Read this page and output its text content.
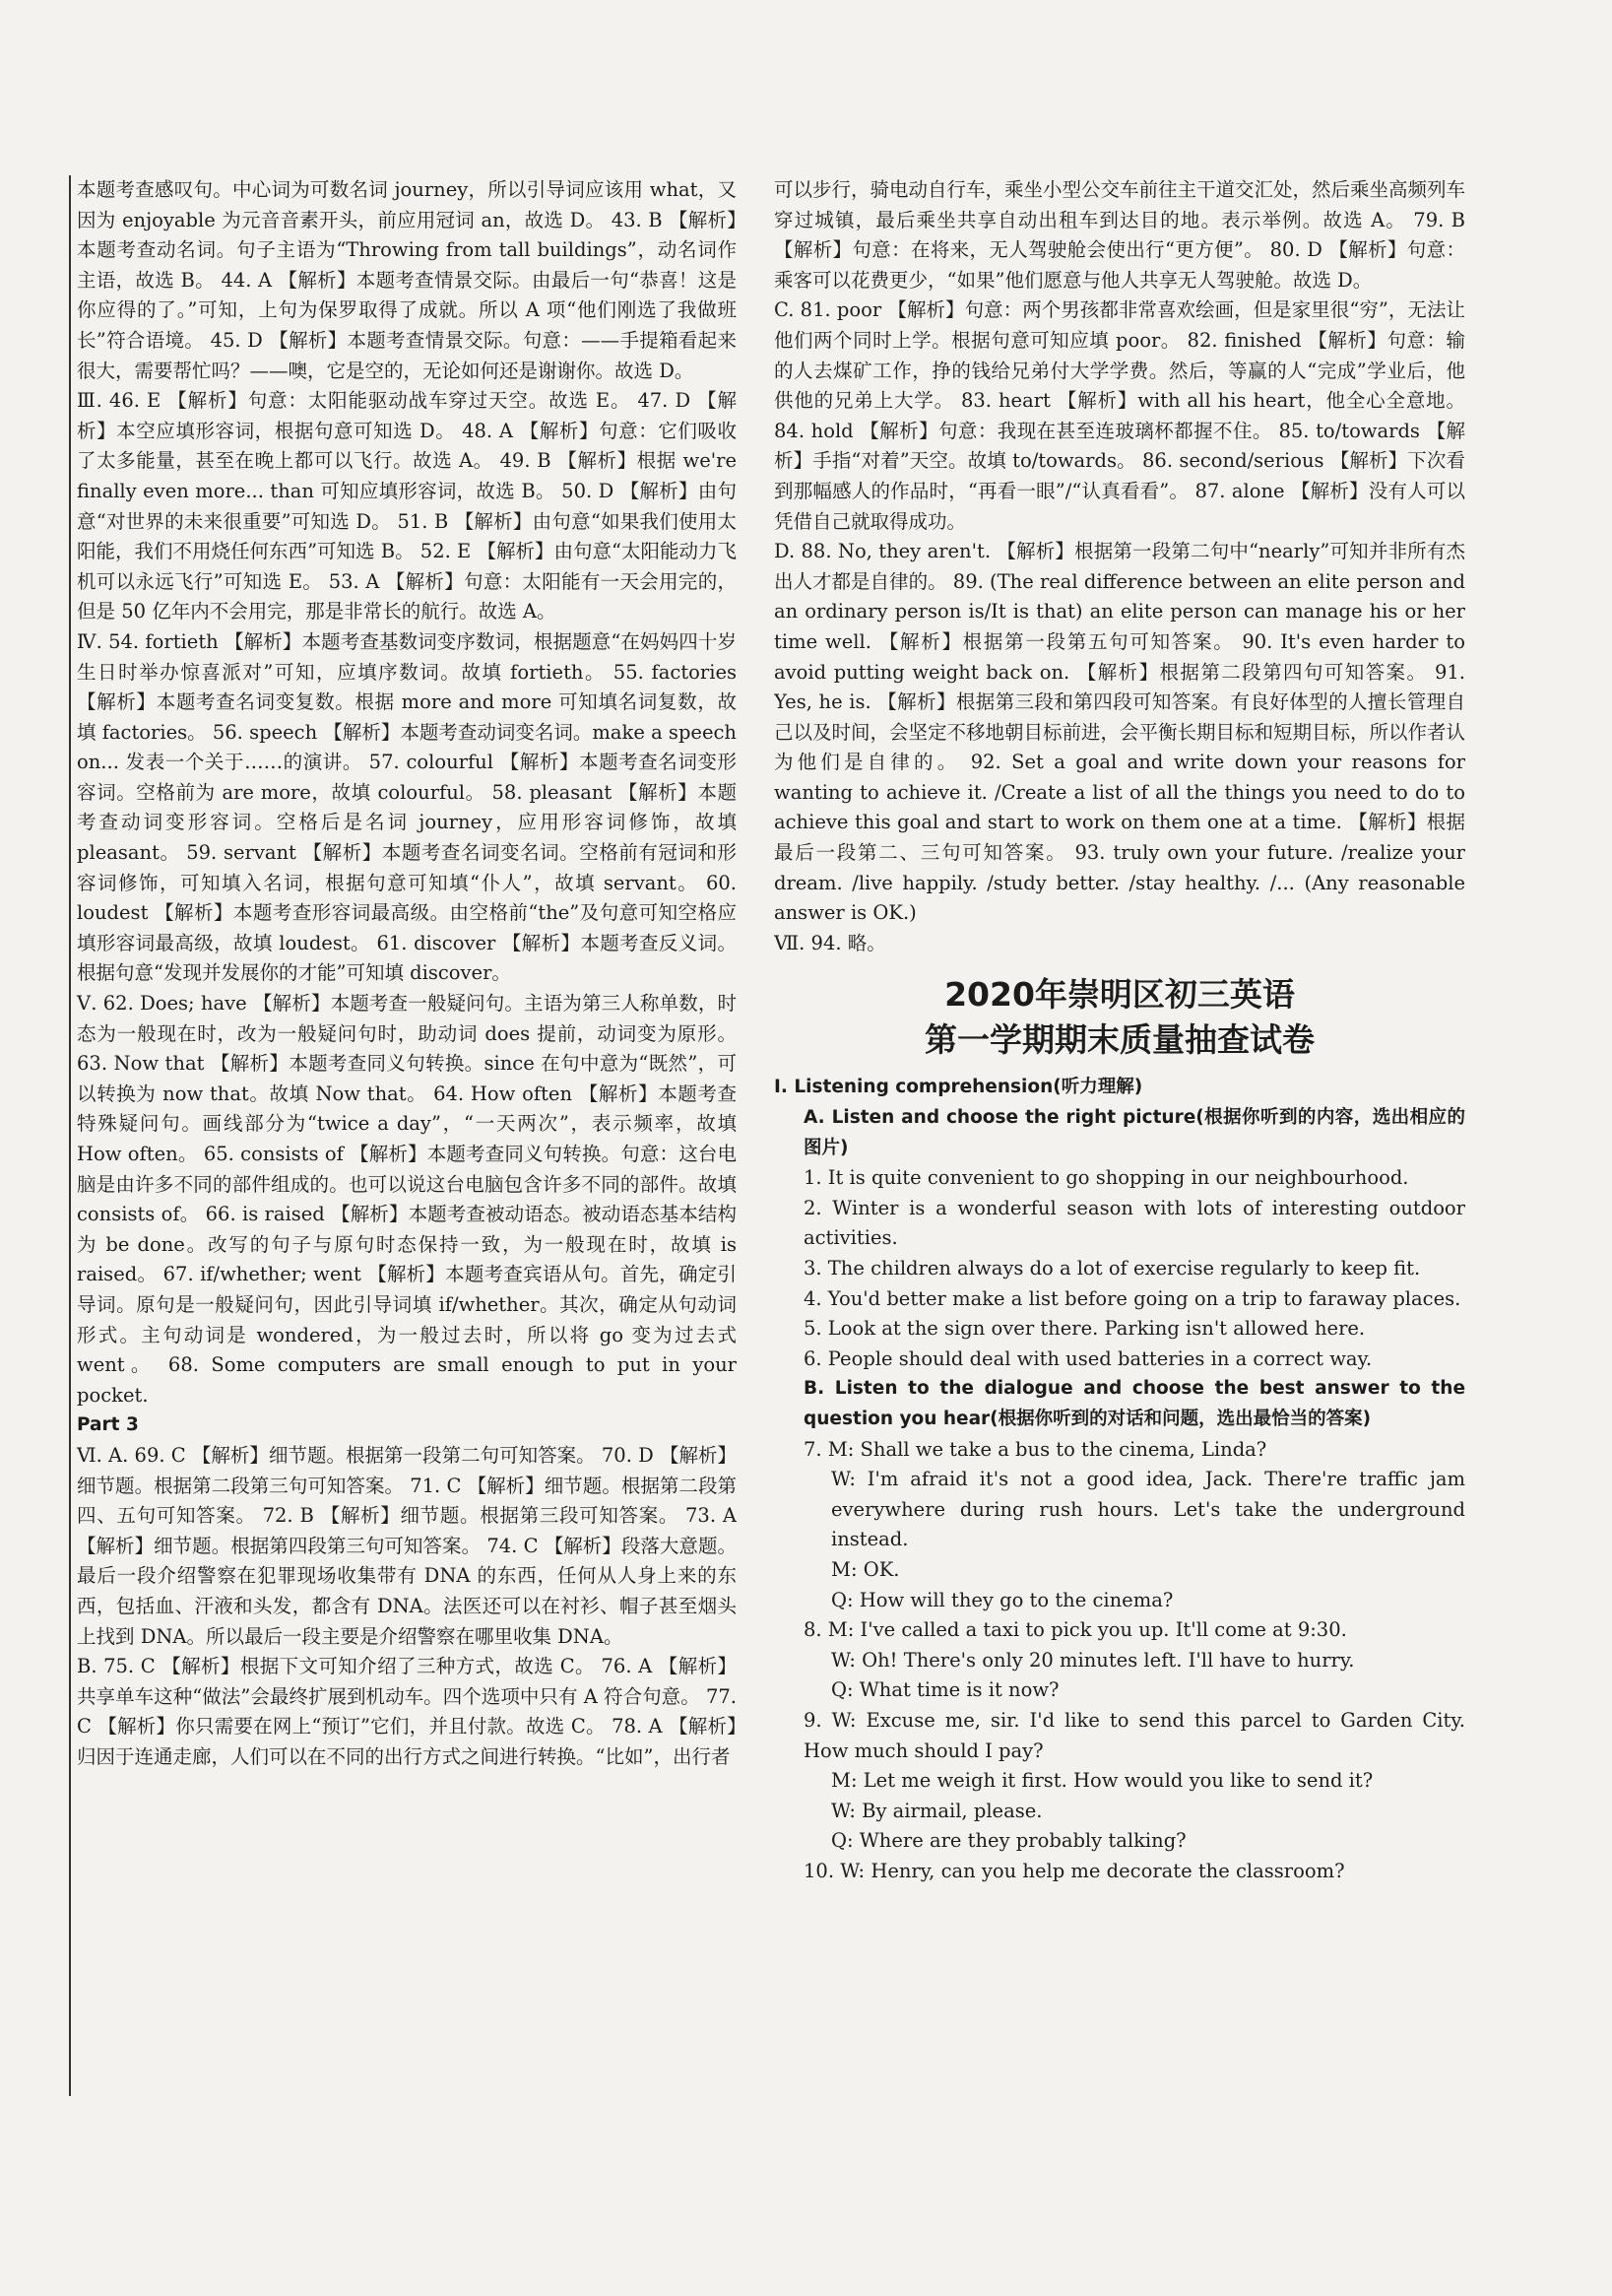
本题考查感叹句。中心词为可数名词 journey，所以引导词应该用 what，又因为 enjoyable 为元音音素开头，前应用冠词 an，故选 D。 43. B 【解析】本题考查动名词。句子主语为“Throwing from tall buildings”，动名词作主语，故选 B。 44. A 【解析】本题考查情景交际。由最后一句“恭喜！这是你应得的了。”可知，上句为保罗取得了成就。所以 A 项“他们刚选了我做班长”符合语境。 45. D 【解析】本题考查情景交际。句意：——手提箱看起来很大，需要帮忙吗？——噢，它是空的，无论如何还是谢谢你。故选 D。

Ⅲ. 46. E 【解析】句意：太阳能驱动战车穿过天空。故选 E。 47. D 【解析】本空应填形容词，根据句意可知选 D。 48. A 【解析】句意：它们吸收了太多能量，甚至在晚上都可以飞行。故选 A。 49. B 【解析】根据 we're finally even more... than 可知应填形容词，故选 B。 50. D 【解析】由句意“对世界的未来很重要”可知选 D。 51. B 【解析】由句意“如果我们使用太阳能，我们不用烧任何东西”可知选 B。 52. E 【解析】由句意“太阳能动力飞机可以永远飞行”可知选 E。 53. A 【解析】句意：太阳能有一天会用完的，但是 50 亿年内不会用完，那是非常长的航行。故选 A。

Ⅳ. 54. fortieth 【解析】本题考查基数词变序数词，根据题意“在妈妈四十岁生日时举办惊喜派对”可知，应填序数词。故填 fortieth。 55. factories 【解析】本题考查名词变复数。根据 more and more 可知填名词复数，故填 factories。 56. speech 【解析】本题考查动词变名词。make a speech on... 发表一个关于……的演讲。 57. colourful 【解析】本题考查名词变形容词。空格前为 are more，故填 colourful。 58. pleasant 【解析】本题考查动词变形容词。空格后是名词 journey，应用形容词修饰，故填 pleasant。 59. servant 【解析】本题考查名词变名词。空格前有冠词和形容词修饰，可知填入名词，根据句意可知填“仆人”，故填 servant。 60. loudest 【解析】本题考查形容词最高级。由空格前“the”及句意可知空格应填形容词最高级，故填 loudest。 61. discover 【解析】本题考查反义词。根据句意“发现并发展你的才能”可知填 discover。

Ⅴ. 62. Does; have 【解析】本题考查一般疑问句。主语为第三人称单数，时态为一般现在时，改为一般疑问句时，助动词 does 提前，动词变为原形。 63. Now that 【解析】本题考查同义句转换。since 在句中意为“既然”，可以转换为 now that。故填 Now that。 64. How often 【解析】本题考查特殊疑问句。画线部分为“twice a day”，“一天两次”，表示频率，故填 How often。 65. consists of 【解析】本题考查同义句转换。句意：这台电脑是由许多不同的部件组成的。也可以说这台电脑包含许多不同的部件。故填 consists of。 66. is raised 【解析】本题考查被动语态。被动语态基本结构为 be done。改写的句子与原句时态保持一致，为一般现在时，故填 is raised。 67. if/whether; went 【解析】本题考查宾语从句。首先，确定引导词。原句是一般疑问句，因此引导词填 if/whether。其次，确定从句动词形式。主句动词是 wondered，为一般过去时，所以将 go 变为过去式 went。 68. Some computers are small enough to put in your pocket.

Part 3

Ⅵ. A. 69. C 【解析】细节题。根据第一段第二句可知答案。 70. D 【解析】细节题。根据第二段第三句可知答案。 71. C 【解析】细节题。根据第二段第四、五句可知答案。 72. B 【解析】细节题。根据第三段可知答案。 73. A 【解析】细节题。根据第四段第三句可知答案。 74. C 【解析】段落大意题。最后一段介绍警察在犯罪现场收集带有 DNA 的东西，任何从人身上来的东西，包括血、汗液和头发，都含有 DNA。法医还可以在衬衫、帽子甚至烟头上找到 DNA。所以最后一段主要是介绍警察在哪里收集 DNA。

B. 75. C 【解析】根据下文可知介绍了三种方式，故选 C。 76. A 【解析】共享单车这种“做法”会最终扩展到机动车。四个选项中只有 A 符合句意。 77. C 【解析】你只需要在网上“预订”它们，并且付款。故选 C。 78. A 【解析】归因于连通走廊，人们可以在不同的出行方式之间进行转换。“比如”，出行者

可以步行，骑电动自行车，乘坐小型公交车前往主干道交汇处，然后乘坐高频列车穿过城镇，最后乘坐共享自动出租车到达目的地。表示举例。故选 A。 79. B 【解析】句意：在将来，无人驾驶舱会使出行“更方便”。 80. D 【解析】句意：乘客可以花费更少，“如果”他们愿意与他人共享无人驾驶舱。故选 D。

C. 81. poor 【解析】句意：两个男孩都非常喜欢绘画，但是家里很“穷”，无法让他们两个同时上学。根据句意可知应填 poor。 82. finished 【解析】句意：输的人去煤矿工作，挣的钱给兄弟付大学学费。然后，等赢的人“完成”学业后，他供他的兄弟上大学。 83. heart 【解析】with all his heart，他全心全意地。 84. hold 【解析】句意：我现在甚至连玻璃杯都握不住。 85. to/towards 【解析】手指“对着”天空。故填 to/towards。 86. second/serious 【解析】下次看到那幅感人的作品时，“再看一眼”/“认真看看”。 87. alone 【解析】没有人可以凭借自己就取得成功。

D. 88. No, they aren't. 【解析】根据第一段第二句中“nearly”可知并非所有杰出人才都是自律的。 89. (The real difference between an elite person and an ordinary person is/It is that) an elite person can manage his or her time well. 【解析】根据第一段第五句可知答案。 90. It's even harder to avoid putting weight back on. 【解析】根据第二段第四句可知答案。 91. Yes, he is. 【解析】根据第三段和第四段可知答案。有良好体型的人擅长管理自己以及时间，会坚定不移地朝目标前进，会平衡长期目标和短期目标，所以作者认为他们是自律的。 92. Set a goal and write down your reasons for wanting to achieve it. /Create a list of all the things you need to do to achieve this goal and start to work on them one at a time. 【解析】根据最后一段第二、三句可知答案。 93. truly own your future. /realize your dream. /live happily. /study better. /stay healthy. /... (Any reasonable answer is OK.)

Ⅶ. 94. 略。

2020年崇明区初三英语
第一学期期末质量抽查试卷

Ⅰ. Listening comprehension(听力理解)

A. Listen and choose the right picture(根据你听到的内容，选出相应的图片)

1. It is quite convenient to go shopping in our neighbourhood.

2. Winter is a wonderful season with lots of interesting outdoor activities.

3. The children always do a lot of exercise regularly to keep fit.

4. You'd better make a list before going on a trip to faraway places.

5. Look at the sign over there. Parking isn't allowed here.

6. People should deal with used batteries in a correct way.

B. Listen to the dialogue and choose the best answer to the question you hear(根据你听到的对话和问题，选出最恰当的答案)

7. M: Shall we take a bus to the cinema, Linda?

W: I'm afraid it's not a good idea, Jack. There're traffic jam everywhere during rush hours. Let's take the underground instead.

M: OK.

Q: How will they go to the cinema?

8. M: I've called a taxi to pick you up. It'll come at 9:30.

W: Oh! There's only 20 minutes left. I'll have to hurry.

Q: What time is it now?

9. W: Excuse me, sir. I'd like to send this parcel to Garden City. How much should I pay?

M: Let me weigh it first. How would you like to send it?

W: By airmail, please.

Q: Where are they probably talking?

10. W: Henry, can you help me decorate the classroom?
